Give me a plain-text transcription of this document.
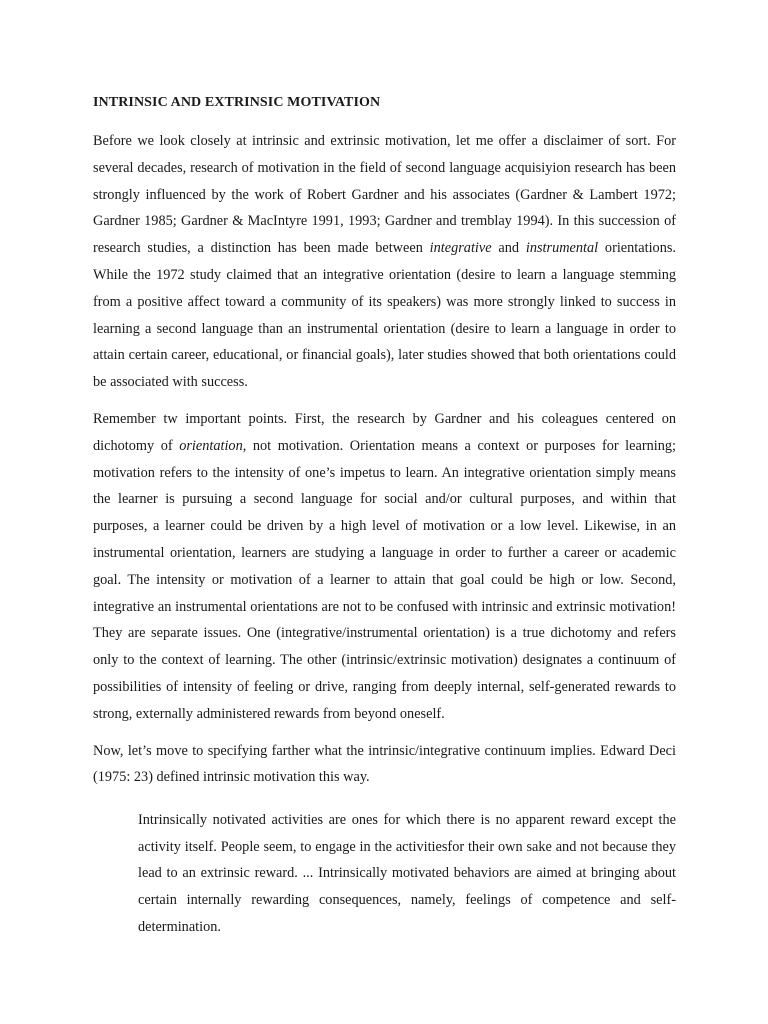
INTRINSIC AND EXTRINSIC MOTIVATION

Before we look closely at intrinsic and extrinsic motivation, let me offer a disclaimer of sort. For several decades, research of motivation in the field of second language acquisiyion research has been strongly influenced by the work of Robert Gardner and his associates (Gardner & Lambert 1972; Gardner 1985; Gardner & MacIntyre 1991, 1993; Gardner and tremblay 1994). In this succession of research studies, a distinction has been made between integrative and instrumental orientations. While the 1972 study claimed that an integrative orientation (desire to learn a language stemming from a positive affect toward a community of its speakers) was more strongly linked to success in learning a second language than an instrumental orientation (desire to learn a language in order to attain certain career, educational, or financial goals), later studies showed that both orientations could be associated with success.

Remember tw important points. First, the research by Gardner and his coleagues centered on dichotomy of orientation, not motivation. Orientation means a context or purposes for learning; motivation refers to the intensity of one’s impetus to learn. An integrative orientation simply means the learner is pursuing a second language for social and/or cultural purposes, and within that purposes, a learner could be driven by a high level of motivation or a low level. Likewise, in an instrumental orientation, learners are studying a language in order to further a career or academic goal. The intensity or motivation of a learner to attain that goal could be high or low. Second, integrative an instrumental orientations are not to be confused with intrinsic and extrinsic motivation! They are separate issues. One (integrative/instrumental orientation) is a true dichotomy and refers only to the context of learning. The other (intrinsic/extrinsic motivation) designates a continuum of possibilities of intensity of feeling or drive, ranging from deeply internal, self-generated rewards to strong, externally administered rewards from beyond oneself.

Now, let’s move to specifying farther what the intrinsic/integrative continuum implies. Edward Deci (1975: 23) defined intrinsic motivation this way.

Intrinsically notivated activities are ones for which there is no apparent reward except the activity itself. People seem, to engage in the activitiesfor their own sake and not because they lead to an extrinsic reward. ... Intrinsically motivated behaviors are aimed at bringing about certain internally rewarding consequences, namely, feelings of competence and self-determination.
